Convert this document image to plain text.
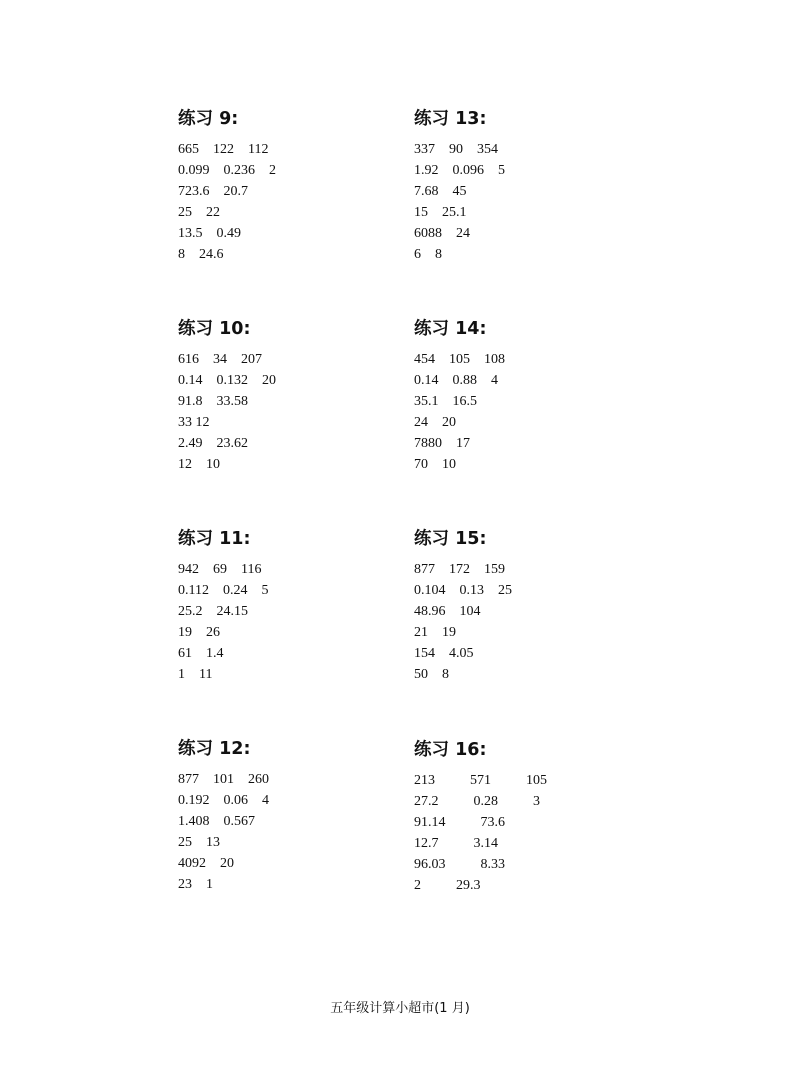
练习 9:
665    122    112
0.099    0.236    2
723.6    20.7
25    22
13.5    0.49
8    24.6
练习 13:
337    90    354
1.92    0.096    5
7.68    45
15    25.1
6088    24
6    8
练习 10:
616    34    207
0.14    0.132    20
91.8    33.58
33 12
2.49    23.62
12    10
练习 14:
454    105    108
0.14    0.88    4
35.1    16.5
24    20
7880    17
70    10
练习 11:
942    69    116
0.112    0.24    5
25.2    24.15
19    26
61    1.4
1    11
练习 15:
877    172    159
0.104    0.13    25
48.96    104
21    19
154    4.05
50    8
练习 12:
877    101    260
0.192    0.06    4
1.408    0.567
25    13
4092    20
23    1
练习 16:
213          571          105
27.2          0.28          3
91.14          73.6
12.7          3.14
96.03          8.33
2          29.3
五年级计算小超市(1 月)
